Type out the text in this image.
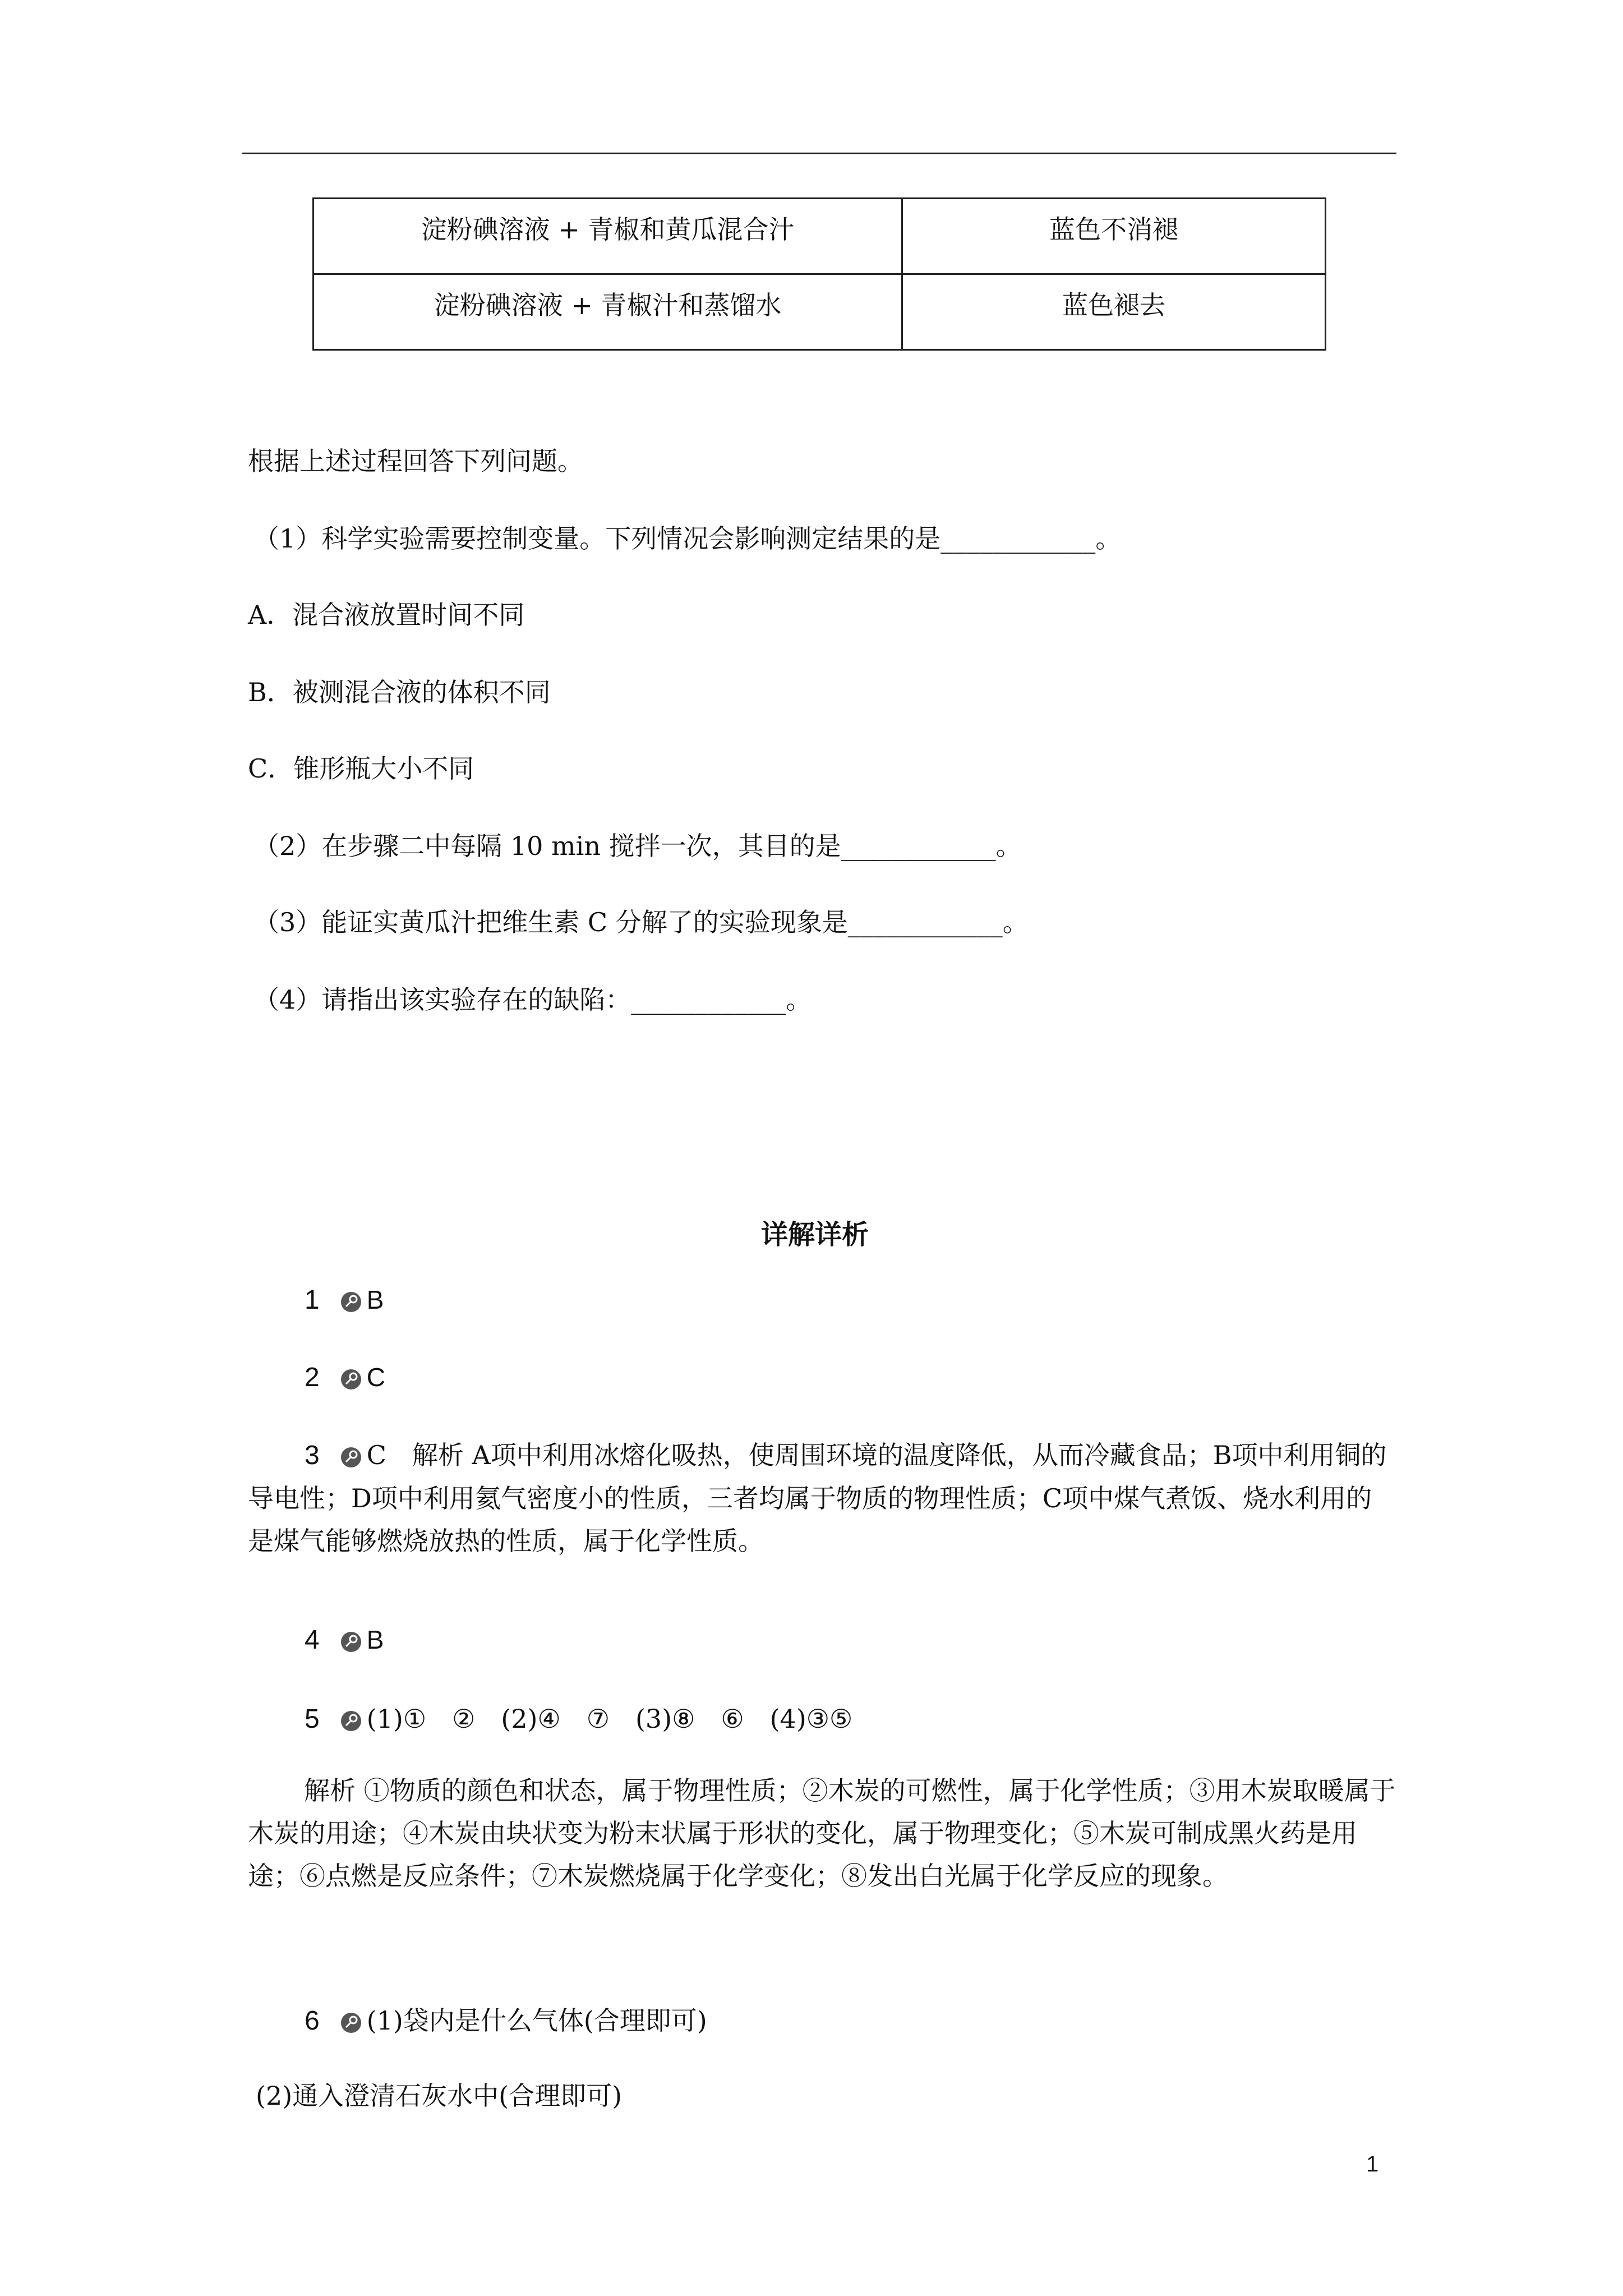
淀粉碘溶液 + 青椒和黄瓜混合汁	蓝色不消褪
淀粉碘溶液 + 青椒汁和蒸馏水	蓝色褪去
根据上述过程回答下列问题。
（1）科学实验需要控制变量。下列情况会影响测定结果的是____________。
A．混合液放置时间不同
B．被测混合液的体积不同
C．锥形瓶大小不同
（2）在步骤二中每隔 10 min 搅拌一次，其目的是____________。
（3）能证实黄瓜汁把维生素 C 分解了的实验现象是____________。
（4）请指出该实验存在的缺陷：____________。
详解详析
1 B
2 C
3 C　解析 A项中利用冰熔化吸热，使周围环境的温度降低，从而冷藏食品；B项中利用铜的导电性；D项中利用氦气密度小的性质，三者均属于物质的物理性质；C项中煤气煮饭、烧水利用的是煤气能够燃烧放热的性质，属于化学性质。
4 B
5 (1)①　②　(2)④　⑦　(3)⑧　⑥　(4)③⑤
解析 ①物质的颜色和状态，属于物理性质；②木炭的可燃性，属于化学性质；③用木炭取暖属于木炭的用途；④木炭由块状变为粉末状属于形状的变化，属于物理变化；⑤木炭可制成黑火药是用途；⑥点燃是反应条件；⑦木炭燃烧属于化学变化；⑧发出白光属于化学反应的现象。
6 (1)袋内是什么气体(合理即可)
(2)通入澄清石灰水中(合理即可)
1
